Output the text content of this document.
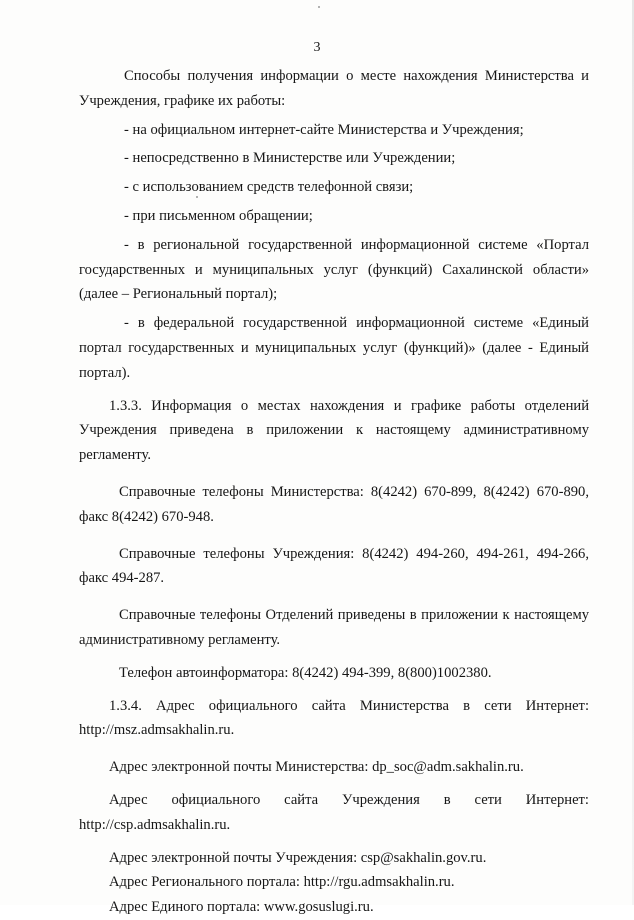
3

Способы получения информации о месте нахождения Министерства и Учреждения, графике их работы:

- на официальном интернет-сайте Министерства и Учреждения;

- непосредственно в Министерстве или Учреждении;

- с использованием средств телефонной связи;

- при письменном обращении;

- в региональной государственной информационной системе «Портал государственных и муниципальных услуг (функций) Сахалинской области» (далее – Региональный портал);

- в федеральной государственной информационной системе «Единый портал государственных и муниципальных услуг (функций)» (далее - Единый портал).

1.3.3. Информация о местах нахождения и графике работы отделений Учреждения приведена в приложении к настоящему административному регламенту.

Справочные телефоны Министерства: 8(4242) 670-899, 8(4242) 670-890, факс 8(4242) 670-948.

Справочные телефоны Учреждения: 8(4242) 494-260, 494-261, 494-266, факс 494-287.

Справочные телефоны Отделений приведены в приложении к настоящему административному регламенту.

Телефон автоинформатора: 8(4242) 494-399, 8(800)1002380.

1.3.4. Адрес официального сайта Министерства в сети Интернет: http://msz.admsakhalin.ru.

Адрес электронной почты Министерства: dp_soc@adm.sakhalin.ru.

Адрес официального сайта Учреждения в сети Интернет: http://csp.admsakhalin.ru.

Адрес электронной почты Учреждения: csp@sakhalin.gov.ru.

Адрес Регионального портала: http://rgu.admsakhalin.ru.

Адрес Единого портала: www.gosuslugi.ru.
